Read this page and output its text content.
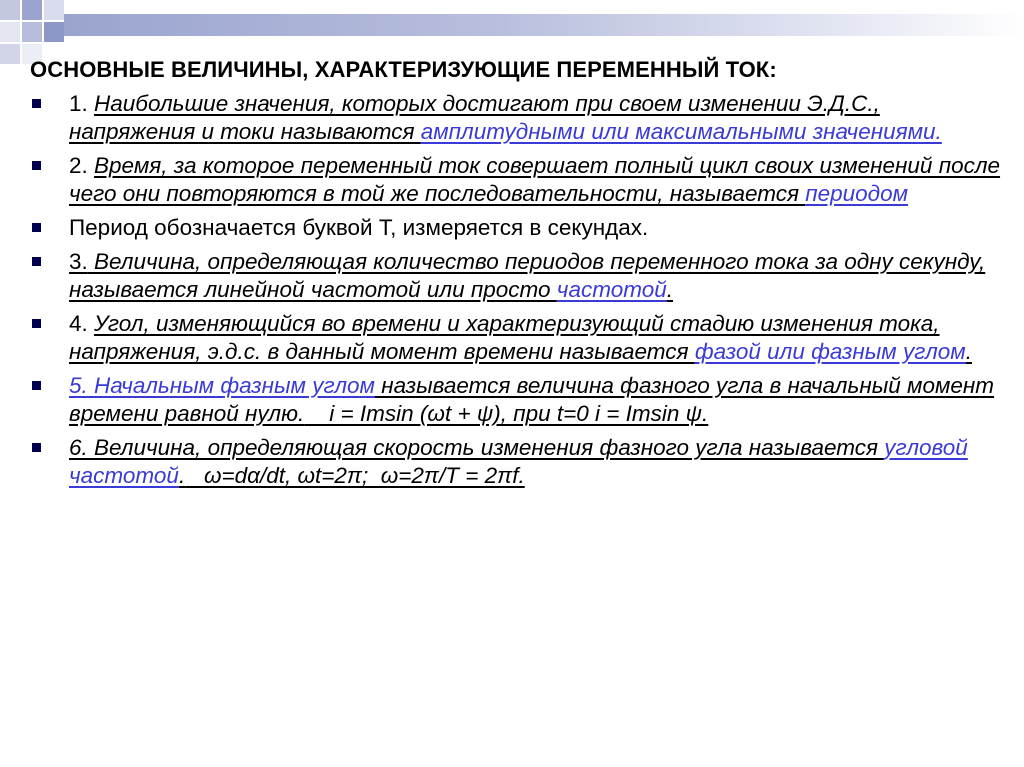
ОСНОВНЫЕ ВЕЛИЧИНЫ, ХАРАКТЕРИЗУЮЩИЕ ПЕРЕМЕННЫЙ ТОК:

1. Наибольшие значения, которых достигают при своем изменении Э.Д.С., напряжения и токи называются амплитудными или максимальными значениями.

2. Время, за которое переменный ток совершает полный цикл своих изменений после чего они повторяются в той же последовательности, называется периодом

Период обозначается буквой Т, измеряется в секундах.

3. Величина, определяющая количество периодов переменного тока за одну секунду, называется линейной частотой или просто частотой.

4. Угол, изменяющийся во времени и характеризующий стадию изменения тока, напряжения, э.д.с. в данный момент времени называется фазой или фазным углом.

5. Начальным фазным углом называется величина фазного угла в начальный момент времени равной нулю.    i = Imsin (ωt + ψ), при t=0 i = Imsin ψ.

6. Величина, определяющая скорость изменения фазного угла называется угловой частотой.   ω=dα/dt, ωt=2π;  ω=2π/T = 2πf.
